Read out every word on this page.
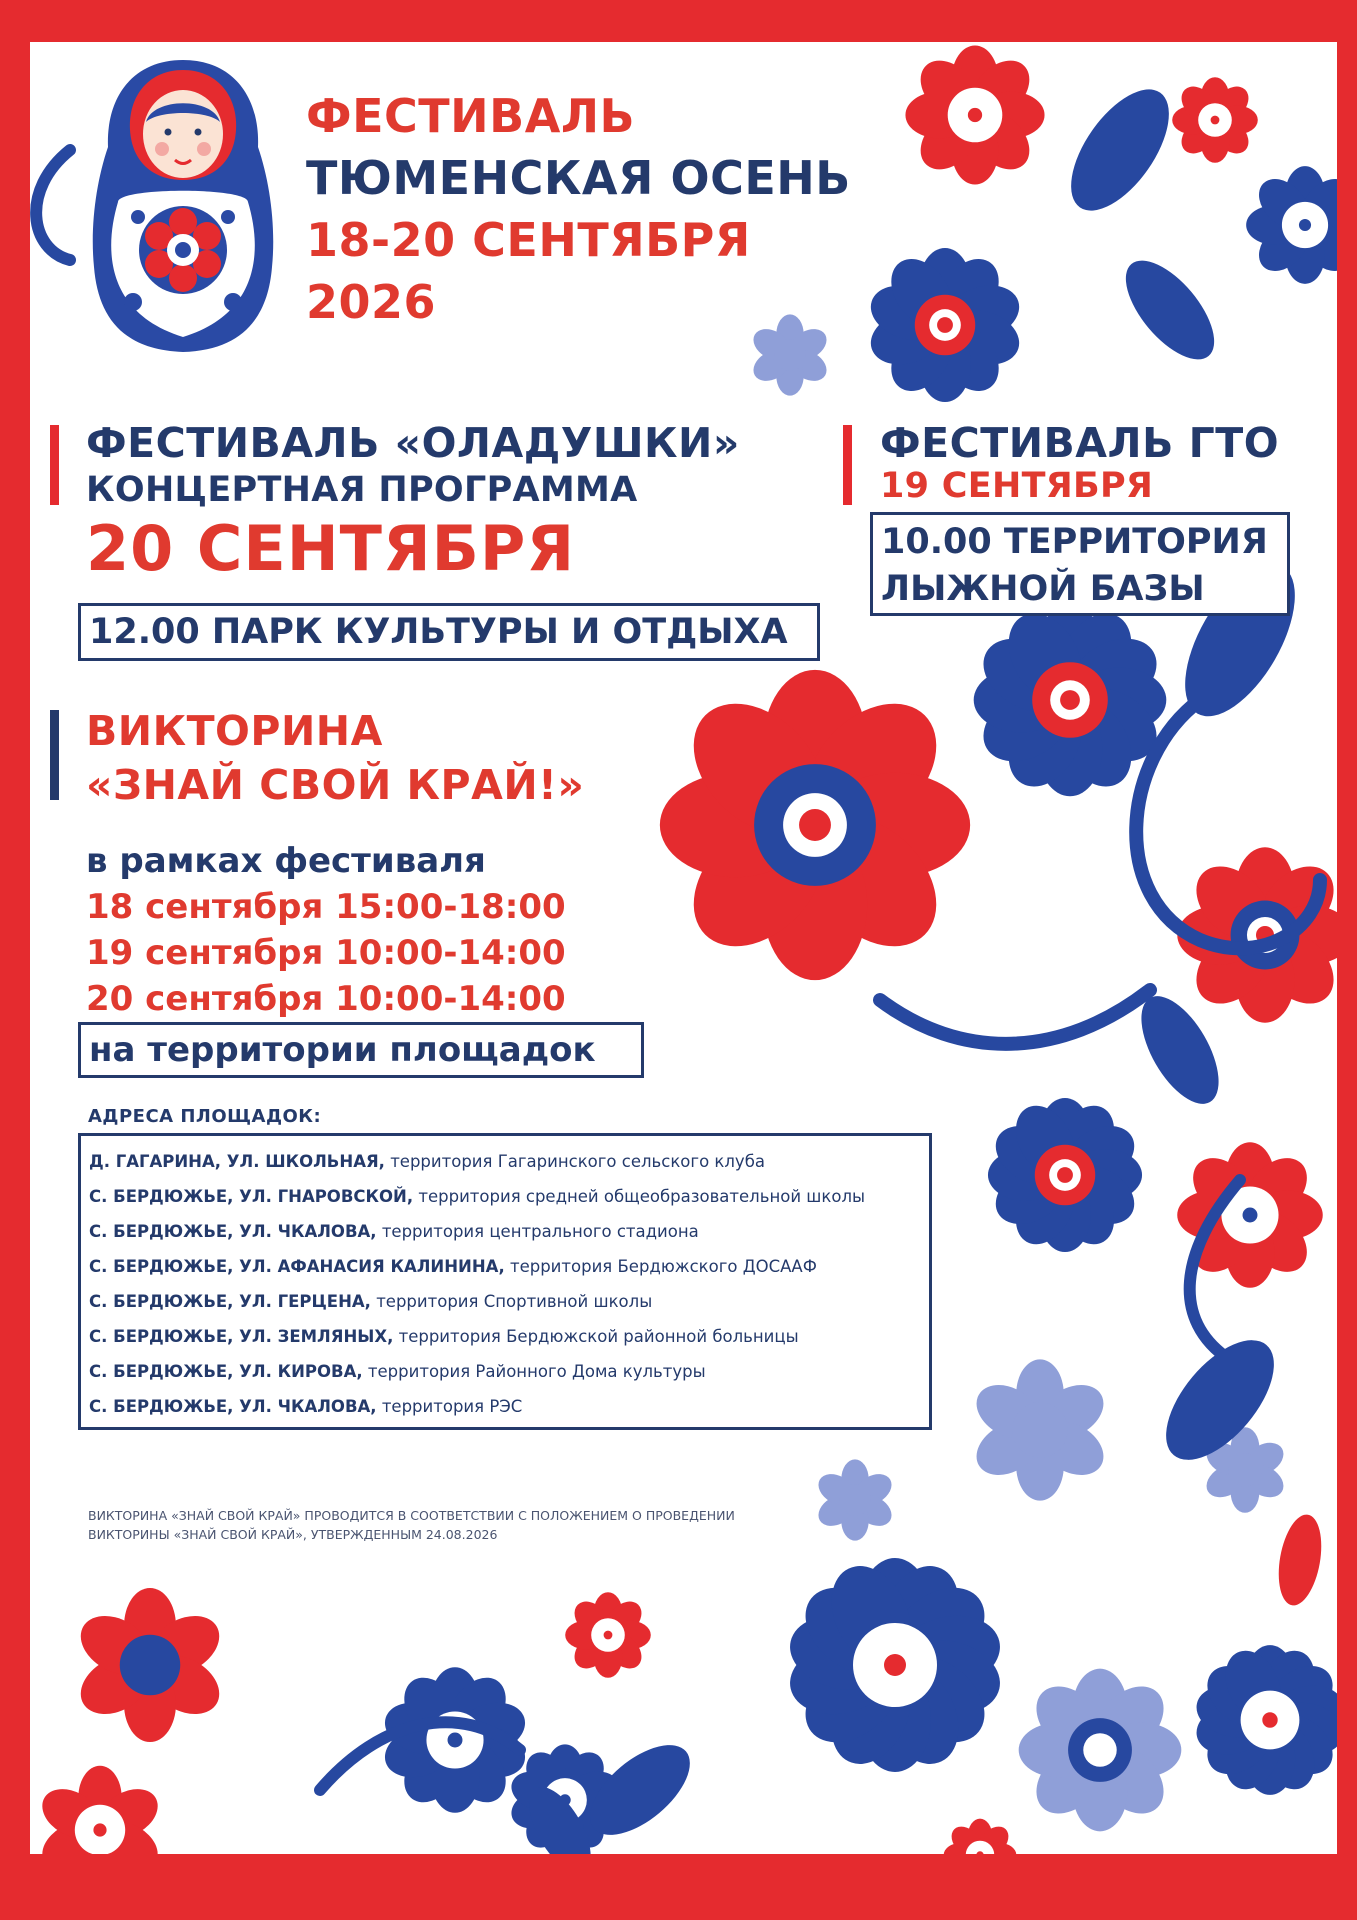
ФЕСТИВАЛЬ
ТЮМЕНСКАЯ ОСЕНЬ
18-20 СЕНТЯБРЯ
2026
ФЕСТИВАЛЬ «ОЛАДУШКИ»
КОНЦЕРТНАЯ ПРОГРАММА
20 СЕНТЯБРЯ
12.00 ПАРК КУЛЬТУРЫ И ОТДЫХА
ФЕСТИВАЛЬ ГТО
19 СЕНТЯБРЯ
10.00 ТЕРРИТОРИЯ
ЛЫЖНОЙ БАЗЫ
ВИКТОРИНА
«ЗНАЙ СВОЙ КРАЙ!»
в рамках фестиваля
18 сентября 15:00-18:00
19 сентября 10:00-14:00
20 сентября 10:00-14:00
на территории площадок
АДРЕСА ПЛОЩАДОК:
Д. ГАГАРИНА, УЛ. ШКОЛЬНАЯ, территория Гагаринского сельского клуба
С. БЕРДЮЖЬЕ, УЛ. ГНАРОВСКОЙ, территория средней общеобразовательной школы
С. БЕРДЮЖЬЕ, УЛ. ЧКАЛОВА, территория центрального стадиона
С. БЕРДЮЖЬЕ, УЛ. АФАНАСИЯ КАЛИНИНА, территория Бердюжского ДОСААФ
С. БЕРДЮЖЬЕ, УЛ. ГЕРЦЕНА, территория Спортивной школы
С. БЕРДЮЖЬЕ, УЛ. ЗЕМЛЯНЫХ, территория Бердюжской районной больницы
С. БЕРДЮЖЬЕ, УЛ. КИРОВА, территория Районного Дома культуры
С. БЕРДЮЖЬЕ, УЛ. ЧКАЛОВА, территория РЭС
ВИКТОРИНА «ЗНАЙ СВОЙ КРАЙ» ПРОВОДИТСЯ В СООТВЕТСТВИИ С ПОЛОЖЕНИЕМ О ПРОВЕДЕНИИ
ВИКТОРИНЫ «ЗНАЙ СВОЙ КРАЙ», УТВЕРЖДЕННЫМ 24.08.2026
